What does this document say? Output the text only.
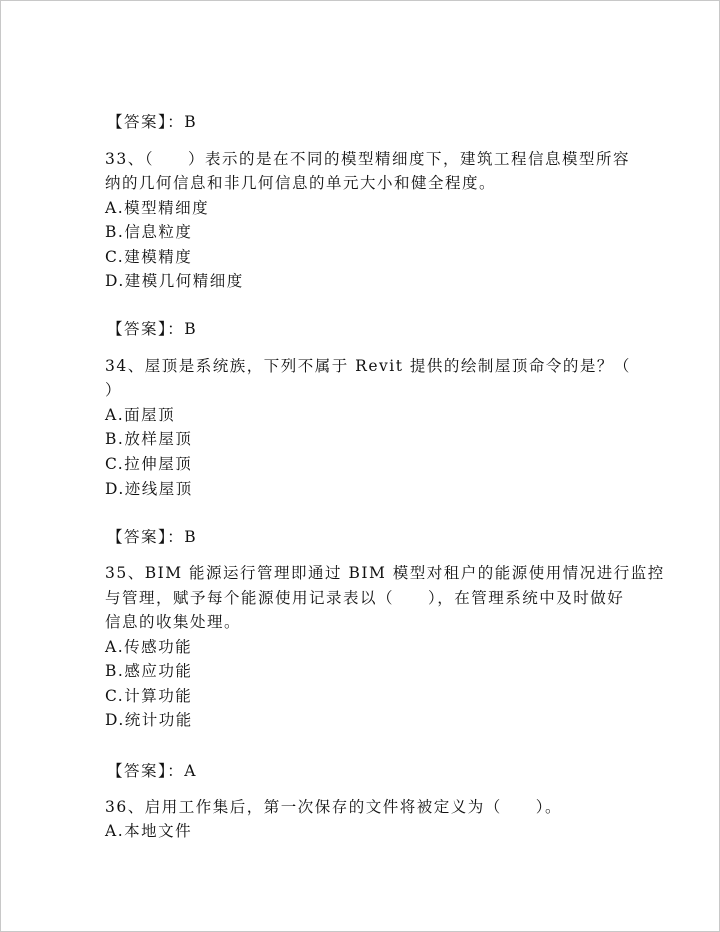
【答案】：B
33、（　　）表示的是在不同的模型精细度下，建筑工程信息模型所容
纳的几何信息和非几何信息的单元大小和健全程度。
A.模型精细度
B.信息粒度
C.建模精度
D.建模几何精细度
【答案】：B
34、屋顶是系统族，下列不属于 Revit 提供的绘制屋顶命令的是？（
）
A.面屋顶
B.放样屋顶
C.拉伸屋顶
D.迹线屋顶
【答案】：B
35、BIM 能源运行管理即通过 BIM 模型对租户的能源使用情况进行监控
与管理，赋予每个能源使用记录表以（　　），在管理系统中及时做好
信息的收集处理。
A.传感功能
B.感应功能
C.计算功能
D.统计功能
【答案】：A
36、启用工作集后，第一次保存的文件将被定义为（　　）。
A.本地文件
